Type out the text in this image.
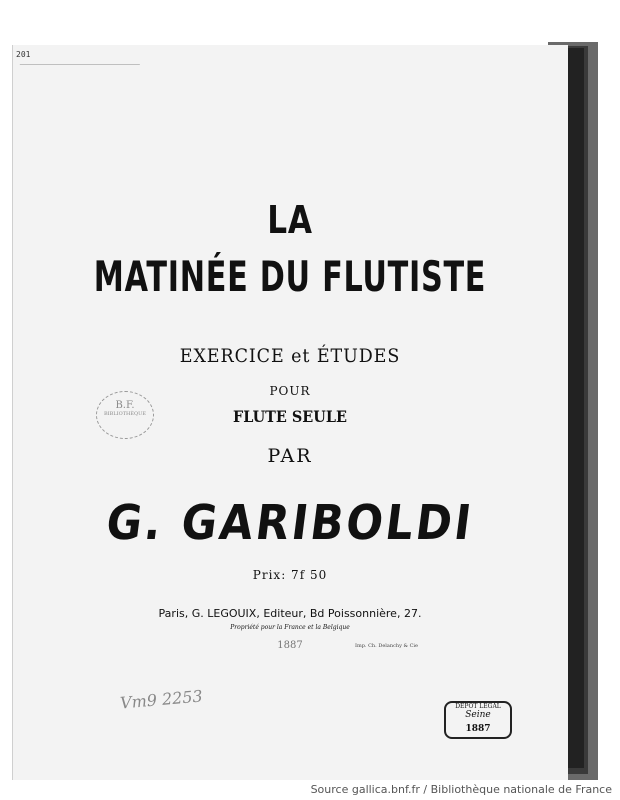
201
LA
MATINÉE DU FLUTISTE
EXERCICE et ÉTUDES
POUR
FLUTE SEULE
PAR
G. GARIBOLDI
Prix: 7f 50
Paris, G. LEGOUIX, Editeur, Bd Poissonnière, 27.
Propriété pour la France et la Belgique
1887	Imp. Ch. Delanchy & Cie
B.F.
BIBLIOTHÈQUE
DÉPÔT LÉGAL
Seine
1887
Vm9 2253
Source gallica.bnf.fr / Bibliothèque nationale de France
